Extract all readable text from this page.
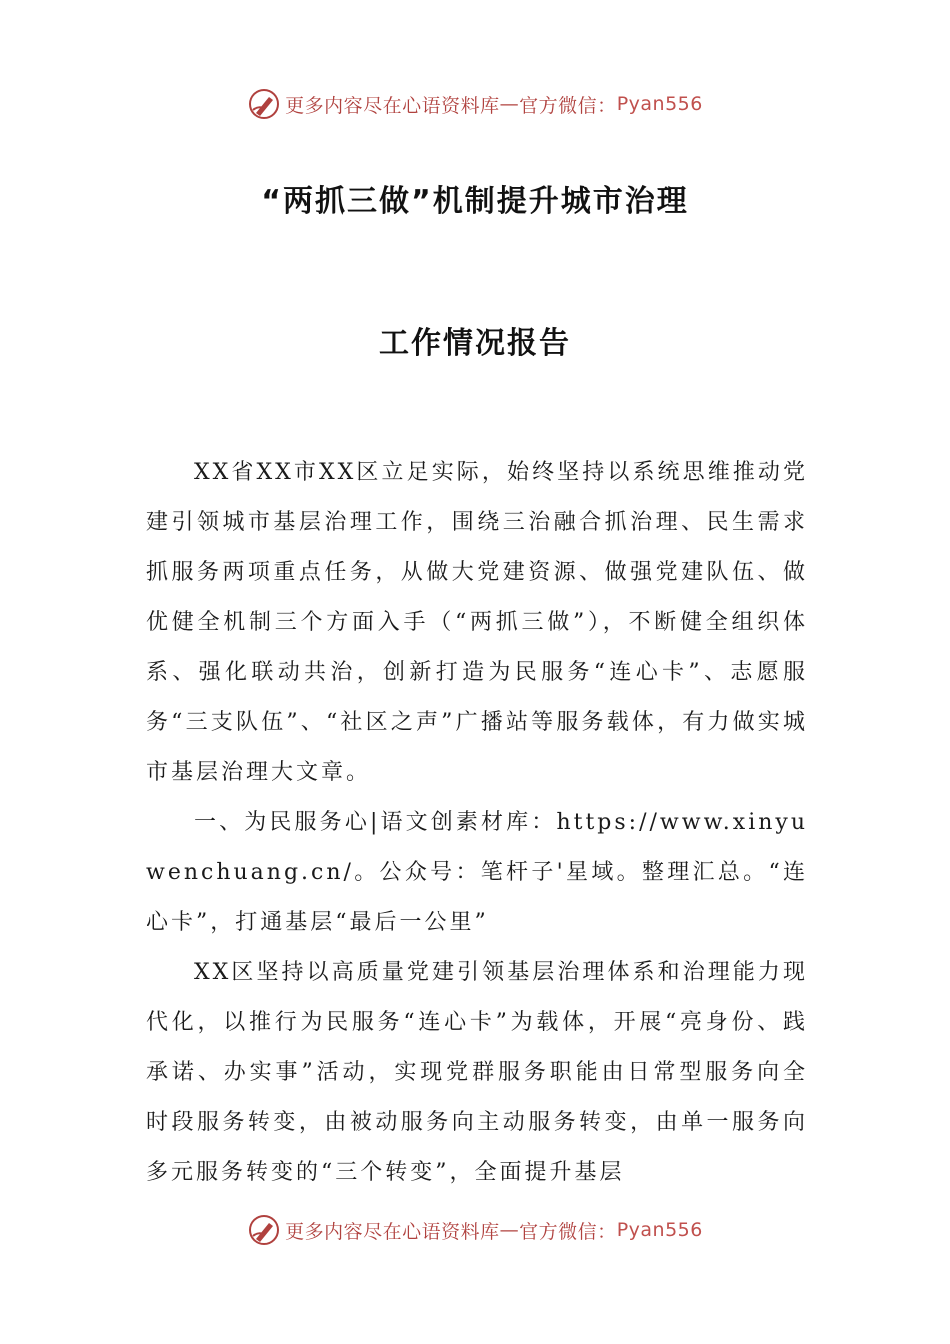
更多内容尽在心语资料库 — 官方微信： Pyan556
“两抓三做”机制提升城市治理
工作情况报告

XX省XX市XX区立足实际，始终坚持以系统思维推动党建引领城市基层治理工作，围绕三治融合抓治理、民生需求抓服务两项重点任务，从做大党建资源、做强党建队伍、做优健全机制三个方面入手（“两抓三做”），不断健全组织体系、强化联动共治，创新打造为民服务“连心卡”、志愿服务“三支队伍”、“社区之声”广播站等服务载体，有力做实城市基层治理大文章。

一、为民服务心|语文创素材库：https://www.xinyuwenchuang.cn/。公众号：笔杆子'星域。整理汇总。“连心卡”，打通基层“最后一公里”

XX区坚持以高质量党建引领基层治理体系和治理能力现代化，以推行为民服务“连心卡”为载体，开展“亮身份、践承诺、办实事”活动，实现党群服务职能由日常型服务向全时段服务转变，由被动服务向主动服务转变，由单一服务向多元服务转变的“三个转变”，全面提升基层

更多内容尽在心语资料库 — 官方微信： Pyan556
